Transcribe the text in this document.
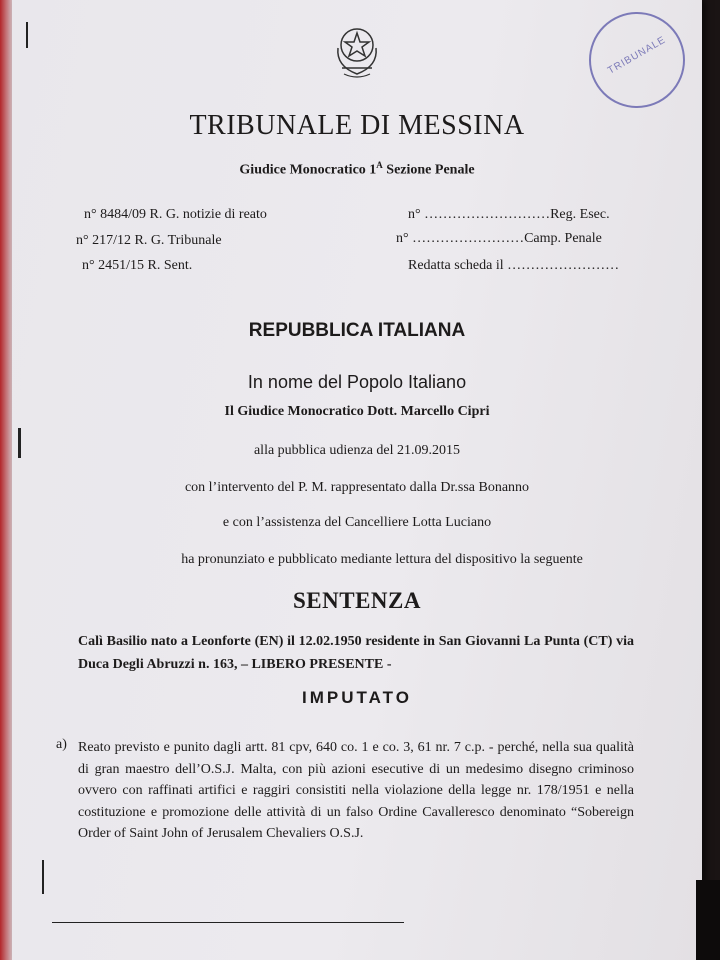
TRIBUNALE
TRIBUNALE DI MESSINA
Giudice Monocratico $1^A$ Sezione Penale
n° 8484/09 R. G. notizie di reato
n° 217/12 R. G. Tribunale
n° 2451/15 R. Sent.
n° ………………………Reg. Esec.
n° ……………………Camp. Penale
Redatta scheda il ……………………
REPUBBLICA ITALIANA
In nome del Popolo Italiano
Il Giudice Monocratico Dott. Marcello Cipri
alla pubblica udienza del 21.09.2015
con l’intervento del P. M. rappresentato dalla Dr.ssa Bonanno
e con l’assistenza del Cancelliere Lotta Luciano
ha pronunziato e pubblicato mediante lettura del dispositivo la seguente
SENTENZA
Calì Basilio nato a Leonforte (EN) il 12.02.1950 residente in San Giovanni La Punta (CT) via Duca Degli Abruzzi n. 163, – LIBERO PRESENTE -
IMPUTATO
a) Reato previsto e punito dagli artt. 81 cpv, 640 co. 1 e co. 3, 61 nr. 7 c.p. - perché, nella sua qualità di gran maestro dell’O.S.J. Malta, con più azioni esecutive di un medesimo disegno criminoso ovvero con raffinati artifici e raggiri consistiti nella violazione della legge nr. 178/1951 e nella costituzione e promozione delle attività di un falso Ordine Cavalleresco denominato “Sobereign Order of Saint John of Jerusalem Chevaliers O.S.J.
